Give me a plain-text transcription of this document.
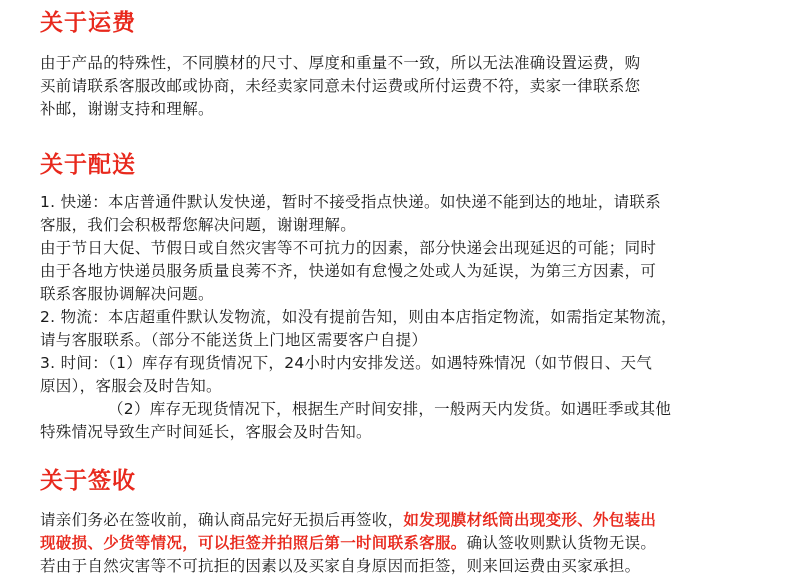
关于运费

由于产品的特殊性，不同膜材的尺寸、厚度和重量不一致，所以无法准确设置运费，购

买前请联系客服改邮或协商，未经卖家同意未付运费或所付运费不符，卖家一律联系您

补邮，谢谢支持和理解。

关于配送

1. 快递：本店普通件默认发快递，暂时不接受指点快递。如快递不能到达的地址，请联系

客服，我们会积极帮您解决问题，谢谢理解。

由于节日大促、节假日或自然灾害等不可抗力的因素，部分快递会出现延迟的可能；同时

由于各地方快递员服务质量良莠不齐，快递如有怠慢之处或人为延误，为第三方因素，可

联系客服协调解决问题。

2. 物流：本店超重件默认发物流，如没有提前告知，则由本店指定物流，如需指定某物流，

请与客服联系。（部分不能送货上门地区需要客户自提）

3. 时间：（1）库存有现货情况下，24小时内安排发送。如遇特殊情况（如节假日、天气

原因），客服会及时告知。

（2）库存无现货情况下，根据生产时间安排，一般两天内发货。如遇旺季或其他

特殊情况导致生产时间延长，客服会及时告知。

关于签收

请亲们务必在签收前，确认商品完好无损后再签收，如发现膜材纸筒出现变形、外包装出

现破损、少货等情况，可以拒签并拍照后第一时间联系客服。确认签收则默认货物无误。

若由于自然灾害等不可抗拒的因素以及买家自身原因而拒签，则来回运费由买家承担。
